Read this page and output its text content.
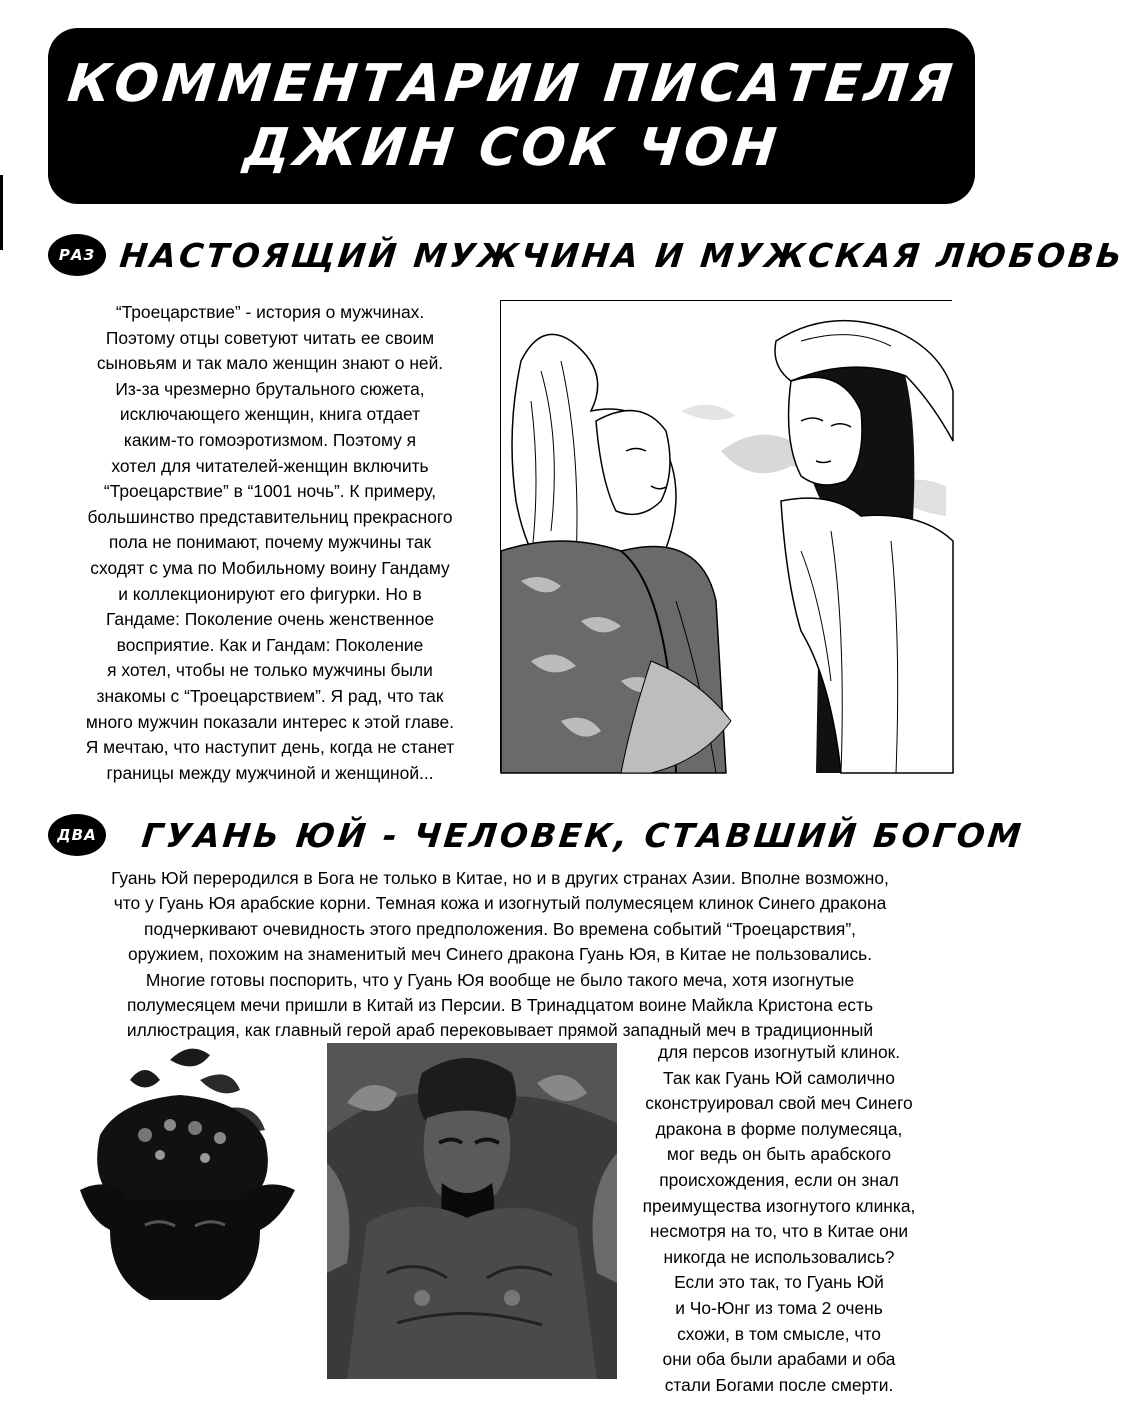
КОММЕНТАРИИ ПИСАТЕЛЯ
ДЖИН СОК ЧОН
РАЗ НАСТОЯЩИЙ МУЖЧИНА И МУЖСКАЯ ЛЮБОВЬ

“Троецарствие” - история о мужчинах.

Поэтому отцы советуют читать ее своим

сыновьям и так мало женщин знают о ней.

Из-за чрезмерно брутального сюжета,

исключающего женщин, книга отдает

каким-то гомоэротизмом. Поэтому я

хотел для читателей-женщин включить

“Троецарствие” в “1001 ночь”. К примеру,

большинство представительниц прекрасного

пола не понимают, почему мужчины так

сходят с ума по Мобильному воину Гандаму

и коллекционируют его фигурки. Но в

Гандаме: Поколение очень женственное

восприятие. Как и Гандам: Поколение

я хотел, чтобы не только мужчины были

знакомы с “Троецарствием”. Я рад, что так

много мужчин показали интерес к этой главе.

Я мечтаю, что наступит день, когда не станет

границы между мужчиной и женщиной...

ДВА ГУАНЬ ЮЙ - ЧЕЛОВЕК, СТАВШИЙ БОГОМ

Гуань Юй переродился в Бога не только в Китае, но и в других странах Азии. Вполне возможно,

что у Гуань Юя арабские корни. Темная кожа и изогнутый полумесяцем клинок Синего дракона

подчеркивают очевидность этого предположения. Во времена событий “Троецарствия”,

оружием, похожим на знаменитый меч Синего дракона Гуань Юя, в Китае не пользовались.

Многие готовы поспорить, что у Гуань Юя вообще не было такого меча, хотя изогнутые

полумесяцем мечи пришли в Китай из Персии. В Тринадцатом воине Майкла Кристона есть

иллюстрация, как главный герой араб перековывает прямой западный меч в традиционный

для персов изогнутый клинок.

Так как Гуань Юй самолично

сконструировал свой меч Синего

дракона в форме полумесяца,

мог ведь он быть арабского

происхождения, если он знал

преимущества изогнутого клинка,

несмотря на то, что в Китае они

никогда не использовались?

Если это так, то Гуань Юй

и Чо-Юнг из тома 2 очень

схожи, в том смысле, что

они оба были арабами и оба

стали Богами после смерти.
